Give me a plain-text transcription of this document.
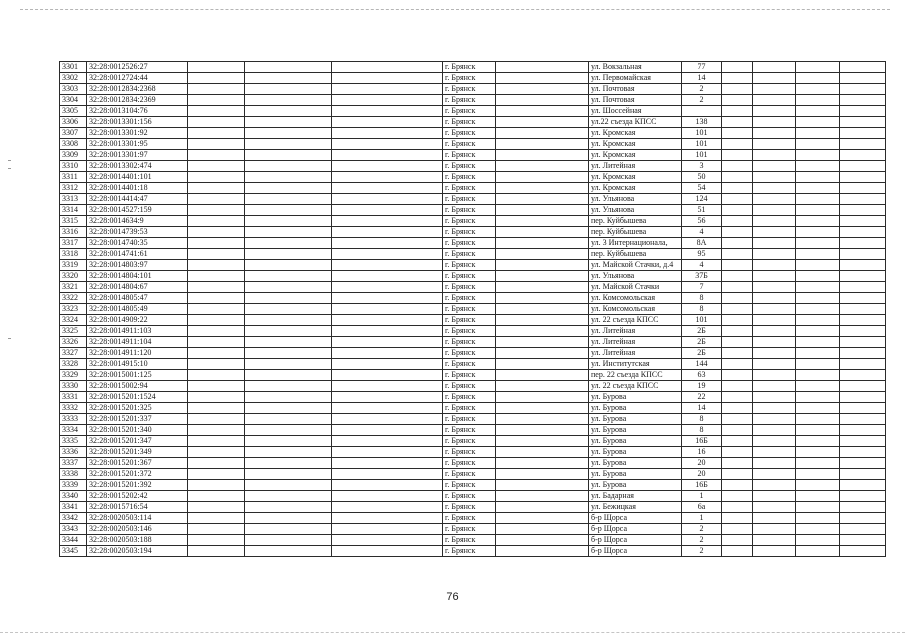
3301	32:28:0012526:27				г. Брянск		ул. Вокзальная	77				
3302	32:28:0012724:44				г. Брянск		ул. Первомайская	14				
3303	32:28:0012834:2368				г. Брянск		ул. Почтовая	2				
3304	32:28:0012834:2369				г. Брянск		ул. Почтовая	2				
3305	32:28:0013104:76				г. Брянск		ул. Шоссейная					
3306	32:28:0013301:156				г. Брянск		ул.22 съезда КПСС	138				
3307	32:28:0013301:92				г. Брянск		ул. Кромская	101				
3308	32:28:0013301:95				г. Брянск		ул. Кромская	101				
3309	32:28:0013301:97				г. Брянск		ул. Кромская	101				
3310	32:28:0013302:474				г. Брянск		ул. Литейная	3				
3311	32:28:0014401:101				г. Брянск		ул. Кромская	50				
3312	32:28:0014401:18				г. Брянск		ул. Кромская	54				
3313	32:28:0014414:47				г. Брянск		ул. Ульянова	124				
3314	32:28:0014527:159				г. Брянск		ул. Ульянова	51				
3315	32:28:0014634:9				г. Брянск		пер. Куйбышева	56				
3316	32:28:0014739:53				г. Брянск		пер. Куйбышева	4				
3317	32:28:0014740:35				г. Брянск		ул. 3 Интернационала,	8А				
3318	32:28:0014741:61				г. Брянск		пер. Куйбышева	95				
3319	32:28:0014803:97				г. Брянск		ул. Майской Стачки, д.4	4				
3320	32:28:0014804:101				г. Брянск		ул. Ульянова	37Б				
3321	32:28:0014804:67				г. Брянск		ул. Майской Стачки	7				
3322	32:28:0014805:47				г. Брянск		ул. Комсомольская	8				
3323	32:28:0014805:49				г. Брянск		ул. Комсомольская	8				
3324	32:28:0014909:22				г. Брянск		ул. 22 съезда КПСС	101				
3325	32:28:0014911:103				г. Брянск		ул. Литейная	2Б				
3326	32:28:0014911:104				г. Брянск		ул. Литейная	2Б				
3327	32:28:0014911:120				г. Брянск		ул. Литейная	2Б				
3328	32:28:0014915:10				г. Брянск		ул. Институтская	144				
3329	32:28:0015001:125				г. Брянск		пер. 22 съезда КПСС	63				
3330	32:28:0015002:94				г. Брянск		ул. 22 съезда КПСС	19				
3331	32:28:0015201:1524				г. Брянск		ул. Бурова	22				
3332	32:28:0015201:325				г. Брянск		ул. Бурова	14				
3333	32:28:0015201:337				г. Брянск		ул. Бурова	8				
3334	32:28:0015201:340				г. Брянск		ул. Бурова	8				
3335	32:28:0015201:347				г. Брянск		ул. Бурова	16Б				
3336	32:28:0015201:349				г. Брянск		ул. Бурова	16				
3337	32:28:0015201:367				г. Брянск		ул. Бурова	20				
3338	32:28:0015201:372				г. Брянск		ул. Бурова	20				
3339	32:28:0015201:392				г. Брянск		ул. Бурова	16Б				
3340	32:28:0015202:42				г. Брянск		ул. Бадарная	1				
3341	32:28:0015716:54				г. Брянск		ул. Бежицкая	6а				
3342	32:28:0020503:114				г. Брянск		б-р Щорса	1				
3343	32:28:0020503:146				г. Брянск		б-р Щорса	2				
3344	32:28:0020503:188				г. Брянск		б-р Щорса	2				
3345	32:28:0020503:194				г. Брянск		б-р Щорса	2				
76
